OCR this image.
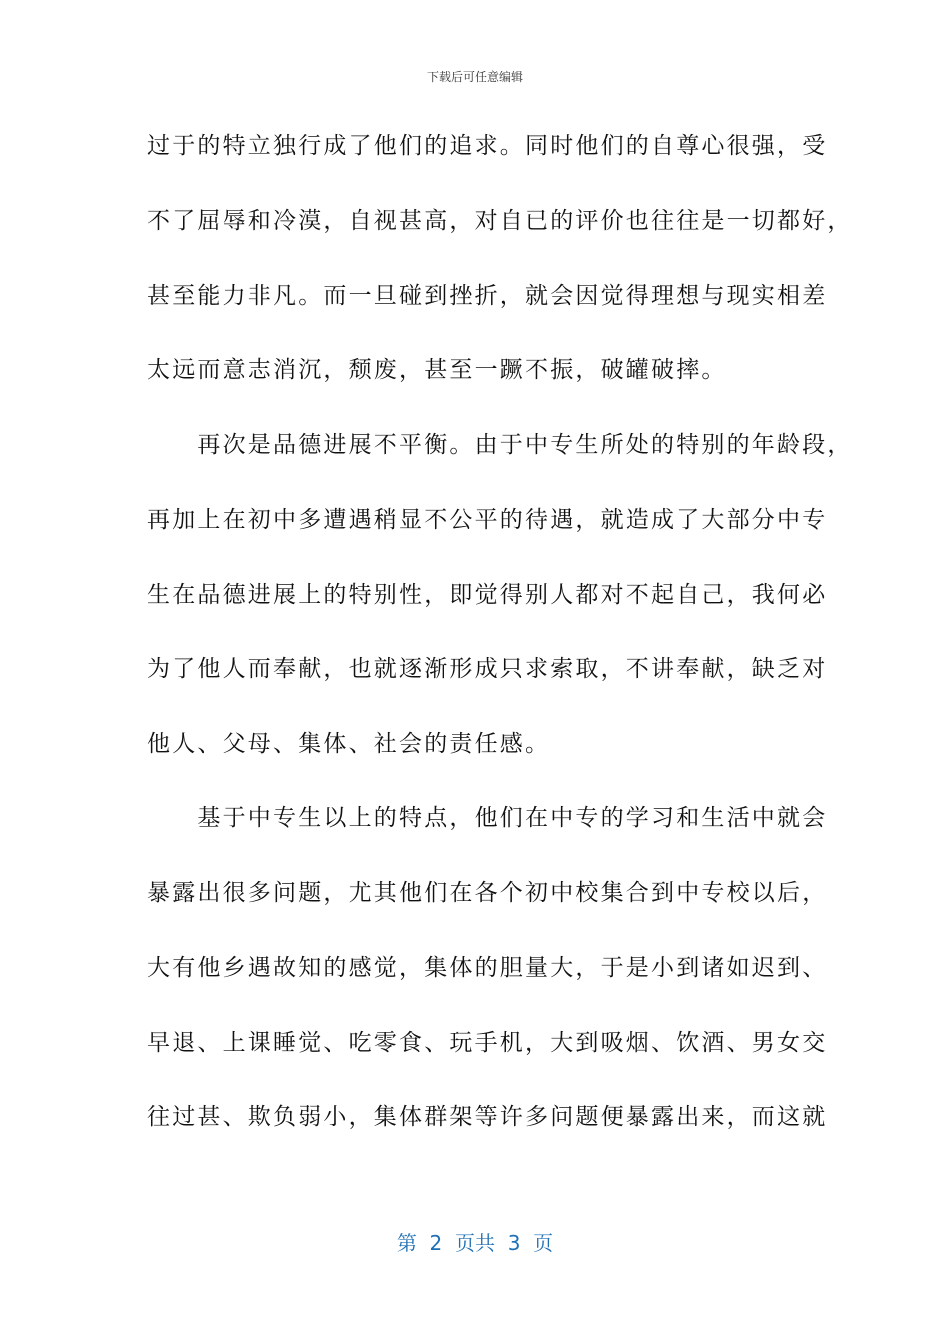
下载后可任意编辑
过于的特立独行成了他们的追求。同时他们的自尊心很强，受
不了屈辱和冷漠，自视甚高，对自已的评价也往往是一切都好，
甚至能力非凡。而一旦碰到挫折，就会因觉得理想与现实相差
太远而意志消沉，颓废，甚至一蹶不振，破罐破摔。
　　再次是品德进展不平衡。由于中专生所处的特别的年龄段，
再加上在初中多遭遇稍显不公平的待遇，就造成了大部分中专
生在品德进展上的特别性，即觉得别人都对不起自己，我何必
为了他人而奉献，也就逐渐形成只求索取，不讲奉献，缺乏对
他人、父母、集体、社会的责任感。
　　基于中专生以上的特点，他们在中专的学习和生活中就会
暴露出很多问题，尤其他们在各个初中校集合到中专校以后，
大有他乡遇故知的感觉，集体的胆量大，于是小到诸如迟到、
早退、上课睡觉、吃零食、玩手机，大到吸烟、饮酒、男女交
往过甚、欺负弱小，集体群架等许多问题便暴露出来，而这就
第  2  页共  3  页
